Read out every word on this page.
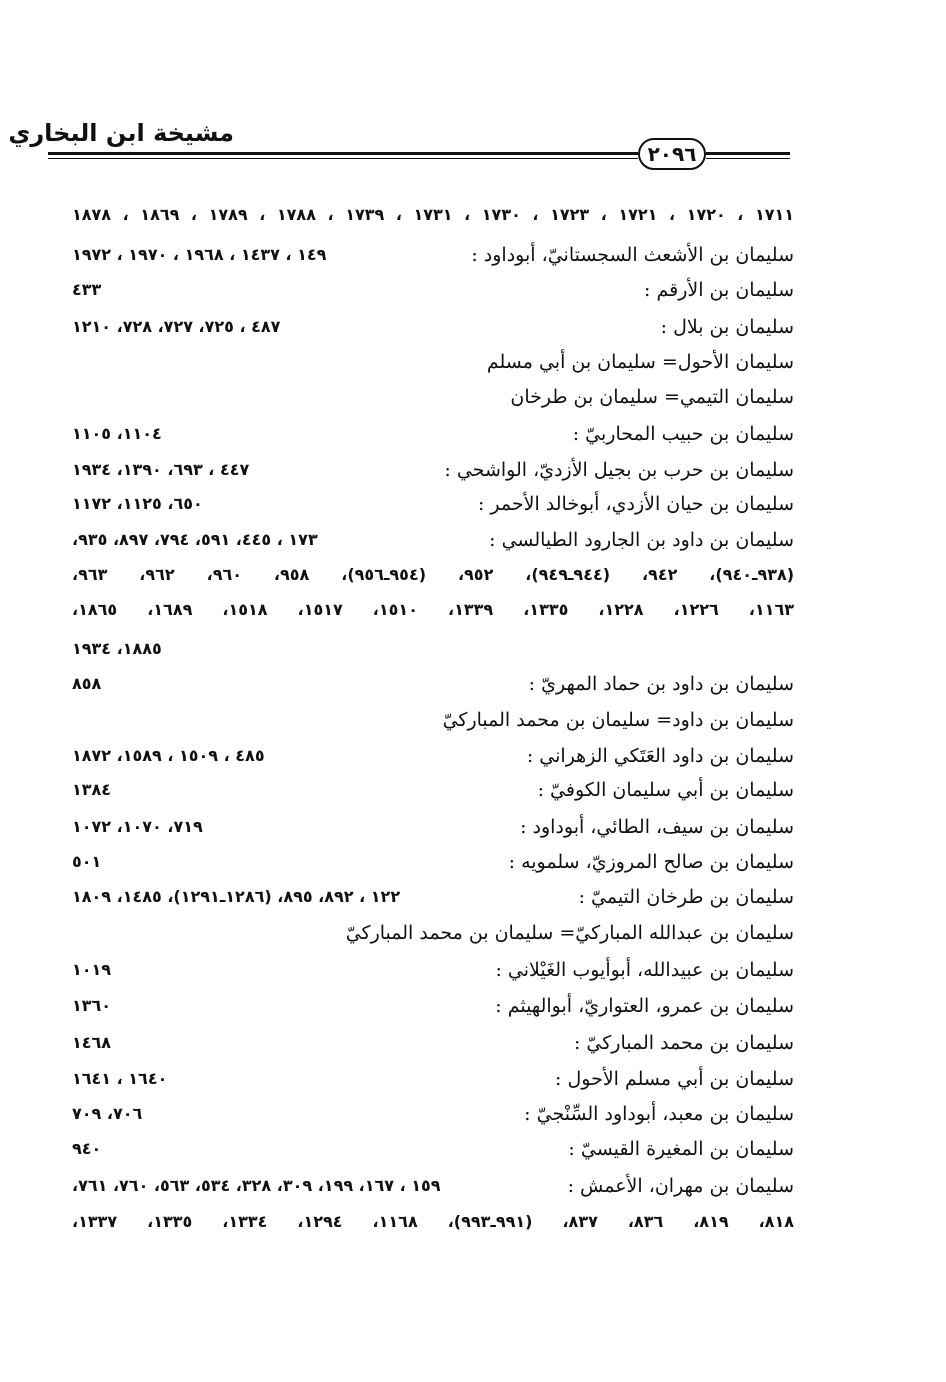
مشيخة ابن البخاري
٢٠٩٦
١٧١١ ، ١٧٢٠ ، ١٧٢١ ، ١٧٢٣ ، ١٧٣٠ ، ١٧٣١ ، ١٧٣٩ ، ١٧٨٨ ، ١٧٨٩ ، ١٨٦٩ ، ١٨٧٨
سليمان بن الأشعث السجستانيّ، أبوداود :
١٤٩ ، ١٤٣٧ ، ١٩٦٨ ، ١٩٧٠ ، ١٩٧٢
سليمان بن الأرقم :
٤٣٣
سليمان بن بلال :
٤٨٧ ، ٧٢٥، ٧٢٧، ٧٢٨، ١٢١٠
سليمان الأحول= سليمان بن أبي مسلم
سليمان التيمي= سليمان بن طرخان
سليمان بن حبيب المحاربيّ :
١١٠٤، ١١٠٥
سليمان بن حرب بن بجيل الأزديّ، الواشحي :
٤٤٧ ، ٦٩٣، ١٣٩٠، ١٩٣٤
سليمان بن حيان الأزدي، أبوخالد الأحمر :
٦٥٠، ١١٢٥، ١١٧٢
سليمان بن داود بن الجارود الطيالسي :
١٧٣ ، ٤٤٥، ٥٩١، ٧٩٤، ٨٩٧، ٩٣٥،
(٩٣٨ـ٩٤٠)، ٩٤٢، (٩٤٤ـ٩٤٩)، ٩٥٢، (٩٥٤ـ٩٥٦)، ٩٥٨، ٩٦٠، ٩٦٢، ٩٦٣،
١١٦٣، ١٢٢٦، ١٢٢٨، ١٣٣٥، ١٣٣٩، ١٥١٠، ١٥١٧، ١٥١٨، ١٦٨٩، ١٨٦٥،
١٨٨٥، ١٩٣٤
سليمان بن داود بن حماد المهريّ :
٨٥٨
سليمان بن داود= سليمان بن محمد المباركيّ
سليمان بن داود العَتَكي الزهراني :
٤٨٥ ، ١٥٠٩ ، ١٥٨٩، ١٨٧٢
سليمان بن أبي سليمان الكوفيّ :
١٣٨٤
سليمان بن سيف، الطائي، أبوداود :
٧١٩، ١٠٧٠، ١٠٧٢
سليمان بن صالح المروزيّ، سلمويه :
٥٠١
سليمان بن طرخان التيميّ :
١٢٢ ، ٨٩٢، ٨٩٥، (١٢٨٦ـ١٢٩١)، ١٤٨٥، ١٨٠٩
سليمان بن عبدالله المباركيّ= سليمان بن محمد المباركيّ
سليمان بن عبيدالله، أبوأيوب الغَيْلاني :
١٠١٩
سليمان بن عمرو، العتواريّ، أبوالهيثم :
١٣٦٠
سليمان بن محمد المباركيّ :
١٤٦٨
سليمان بن أبي مسلم الأحول :
١٦٤٠ ، ١٦٤١
سليمان بن معبد، أبوداود السِّنْجيّ :
٧٠٦، ٧٠٩
سليمان بن المغيرة القيسيّ :
٩٤٠
سليمان بن مهران، الأعمش :
١٥٩ ، ١٦٧، ١٩٩، ٣٠٩، ٣٢٨، ٥٣٤، ٥٦٣، ٧٦٠، ٧٦١،
٨١٨، ٨١٩، ٨٣٦، ٨٣٧، (٩٩١ـ٩٩٣)، ١١٦٨، ١٢٩٤، ١٣٣٤، ١٣٣٥، ١٣٣٧،
